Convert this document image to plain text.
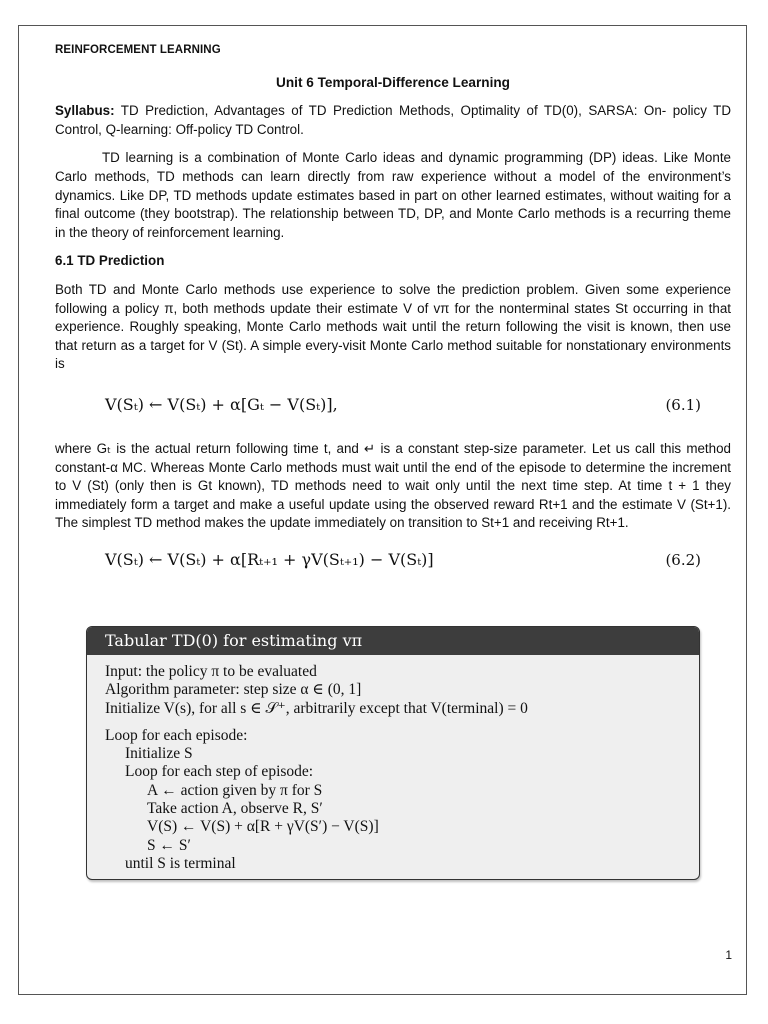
REINFORCEMENT LEARNING
Unit 6 Temporal-Difference Learning
Syllabus: TD Prediction, Advantages of TD Prediction Methods, Optimality of TD(0), SARSA: On- policy TD Control, Q-learning: Off-policy TD Control.
TD learning is a combination of Monte Carlo ideas and dynamic programming (DP) ideas. Like Monte Carlo methods, TD methods can learn directly from raw experience without a model of the environment’s dynamics. Like DP, TD methods update estimates based in part on other learned estimates, without waiting for a final outcome (they bootstrap). The relationship between TD, DP, and Monte Carlo methods is a recurring theme in the theory of reinforcement learning.
6.1 TD Prediction
Both TD and Monte Carlo methods use experience to solve the prediction problem. Given some experience following a policy π, both methods update their estimate V of vπ for the nonterminal states St occurring in that experience. Roughly speaking, Monte Carlo methods wait until the return following the visit is known, then use that return as a target for V (St). A simple every-visit Monte Carlo method suitable for nonstationary environments is
V(Sₜ) ← V(Sₜ) + α[Gₜ − V(Sₜ)],	(6.1)
where Gₜ is the actual return following time t, and ↵ is a constant step-size parameter. Let us call this method constant-α MC. Whereas Monte Carlo methods must wait until the end of the episode to determine the increment to V (St) (only then is Gt known), TD methods need to wait only until the next time step. At time t + 1 they immediately form a target and make a useful update using the observed reward Rt+1 and the estimate V (St+1). The simplest TD method makes the update immediately on transition to St+1 and receiving Rt+1.
V(Sₜ) ← V(Sₜ) + α[Rₜ₊₁ + γV(Sₜ₊₁) − V(Sₜ)]	(6.2)
Tabular TD(0) for estimating vπ
Input: the policy π to be evaluated
Algorithm parameter: step size α ∈ (0, 1]
Initialize V(s), for all s ∈ 𝒮⁺, arbitrarily except that V(terminal) = 0
Loop for each episode:
Initialize S
Loop for each step of episode:
A ← action given by π for S
Take action A, observe R, S′
V(S) ← V(S) + α[R + γV(S′) − V(S)]
S ← S′
until S is terminal
1
